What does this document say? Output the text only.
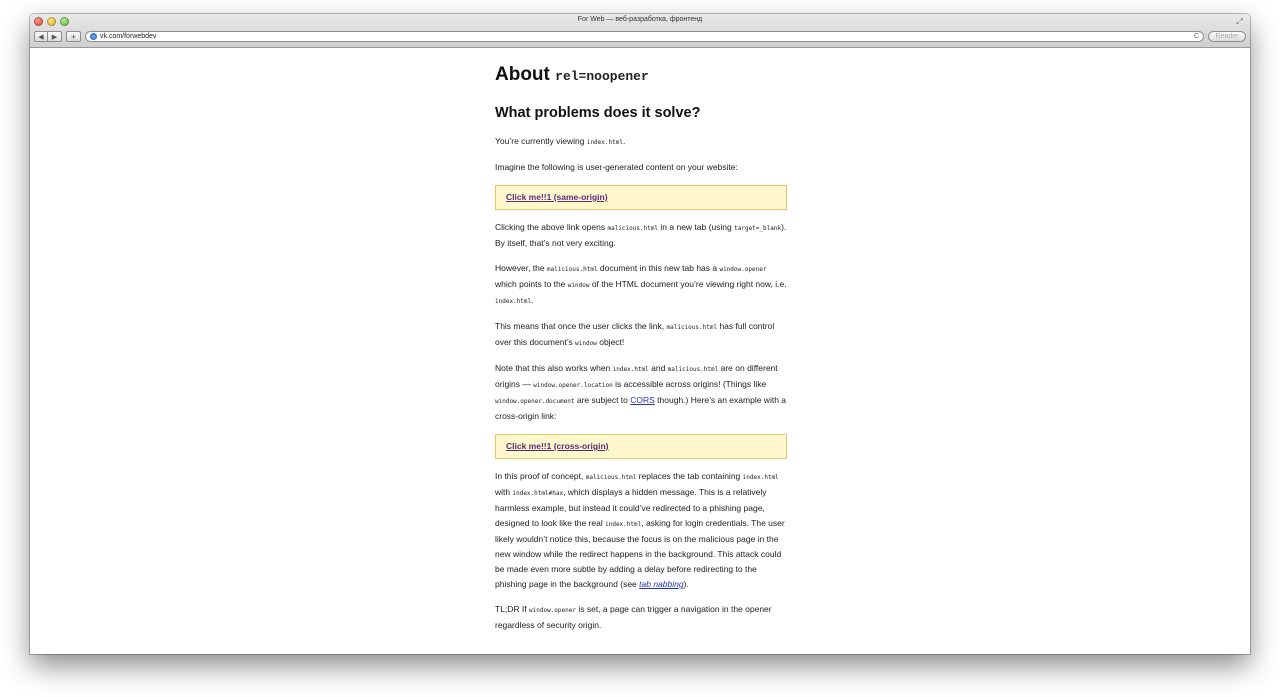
For Web — веб-разработка, фронтенд	⤢
◀	▶	+	vk.com/forwebdev	C	Reader
About rel=noopener
What problems does it solve?

You’re currently viewing index.html.

Imagine the following is user-generated content on your website:

Click me!!1 (same-origin)

Clicking the above link opens malicious.html in a new tab (using target=_blank). By itself, that’s not very exciting.

However, the malicious.html document in this new tab has a window.opener which points to the window of the HTML document you’re viewing right now, i.e. index.html.

This means that once the user clicks the link, malicious.html has full control over this document’s window object!

Note that this also works when index.html and malicious.html are on different origins — window.opener.location is accessible across origins! (Things like window.opener.document are subject to CORS though.) Here’s an example with a cross-origin link:

Click me!!1 (cross-origin)

In this proof of concept, malicious.html replaces the tab containing index.html with index.html#hax, which displays a hidden message. This is a relatively harmless example, but instead it could’ve redirected to a phishing page, designed to look like the real index.html, asking for login credentials. The user likely wouldn’t notice this, because the focus is on the malicious page in the new window while the redirect happens in the background. This attack could be made even more subtle by adding a delay before redirecting to the phishing page in the background (see tab nabbing).

TL;DR If window.opener is set, a page can trigger a navigation in the opener regardless of security origin.
